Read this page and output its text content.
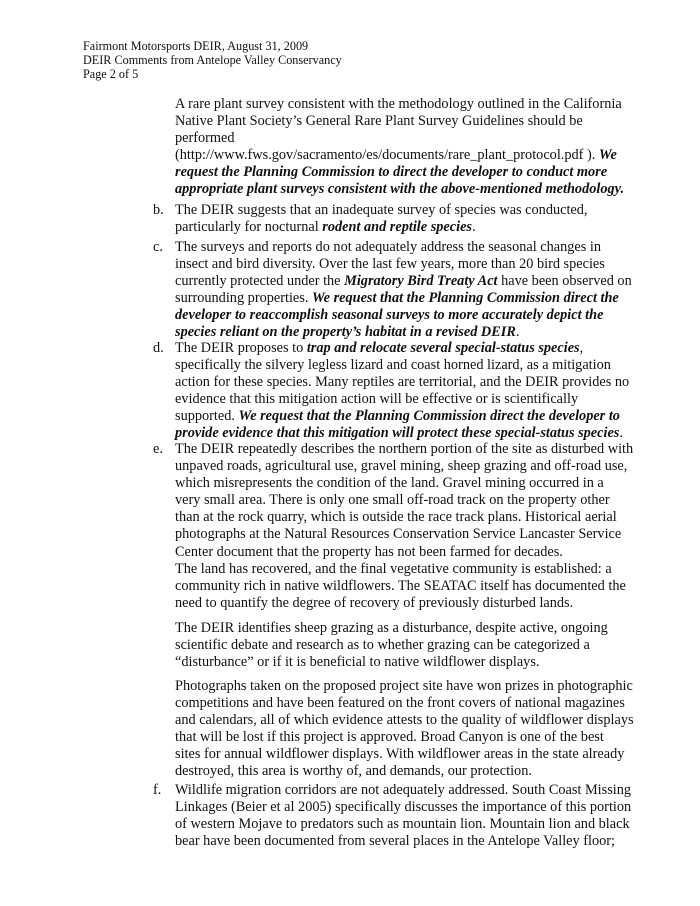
Fairmont Motorsports DEIR, August 31, 2009
DEIR Comments from Antelope Valley Conservancy
Page 2 of 5
A rare plant survey consistent with the methodology outlined in the California
Native Plant Society’s General Rare Plant Survey Guidelines should be
performed
(http://www.fws.gov/sacramento/es/documents/rare_plant_protocol.pdf ). We
request the Planning Commission to direct the developer to conduct more
appropriate plant surveys consistent with the above-mentioned methodology.
b. The DEIR suggests that an inadequate survey of species was conducted,
particularly for nocturnal rodent and reptile species.
c. The surveys and reports do not adequately address the seasonal changes in
insect and bird diversity. Over the last few years, more than 20 bird species
currently protected under the Migratory Bird Treaty Act have been observed on
surrounding properties. We request that the Planning Commission direct the
developer to reaccomplish seasonal surveys to more accurately depict the
species reliant on the property’s habitat in a revised DEIR.
d. The DEIR proposes to trap and relocate several special-status species,
specifically the silvery legless lizard and coast horned lizard, as a mitigation
action for these species. Many reptiles are territorial, and the DEIR provides no
evidence that this mitigation action will be effective or is scientifically
supported. We request that the Planning Commission direct the developer to
provide evidence that this mitigation will protect these special-status species.
e. The DEIR repeatedly describes the northern portion of the site as disturbed with
unpaved roads, agricultural use, gravel mining, sheep grazing and off-road use,
which misrepresents the condition of the land. Gravel mining occurred in a
very small area. There is only one small off-road track on the property other
than at the rock quarry, which is outside the race track plans. Historical aerial
photographs at the Natural Resources Conservation Service Lancaster Service
Center document that the property has not been farmed for decades.
The land has recovered, and the final vegetative community is established: a
community rich in native wildflowers. The SEATAC itself has documented the
need to quantify the degree of recovery of previously disturbed lands.
The DEIR identifies sheep grazing as a disturbance, despite active, ongoing
scientific debate and research as to whether grazing can be categorized a
“disturbance” or if it is beneficial to native wildflower displays.
Photographs taken on the proposed project site have won prizes in photographic
competitions and have been featured on the front covers of national magazines
and calendars, all of which evidence attests to the quality of wildflower displays
that will be lost if this project is approved. Broad Canyon is one of the best
sites for annual wildflower displays. With wildflower areas in the state already
destroyed, this area is worthy of, and demands, our protection.
f. Wildlife migration corridors are not adequately addressed. South Coast Missing
Linkages (Beier et al 2005) specifically discusses the importance of this portion
of western Mojave to predators such as mountain lion. Mountain lion and black
bear have been documented from several places in the Antelope Valley floor;
